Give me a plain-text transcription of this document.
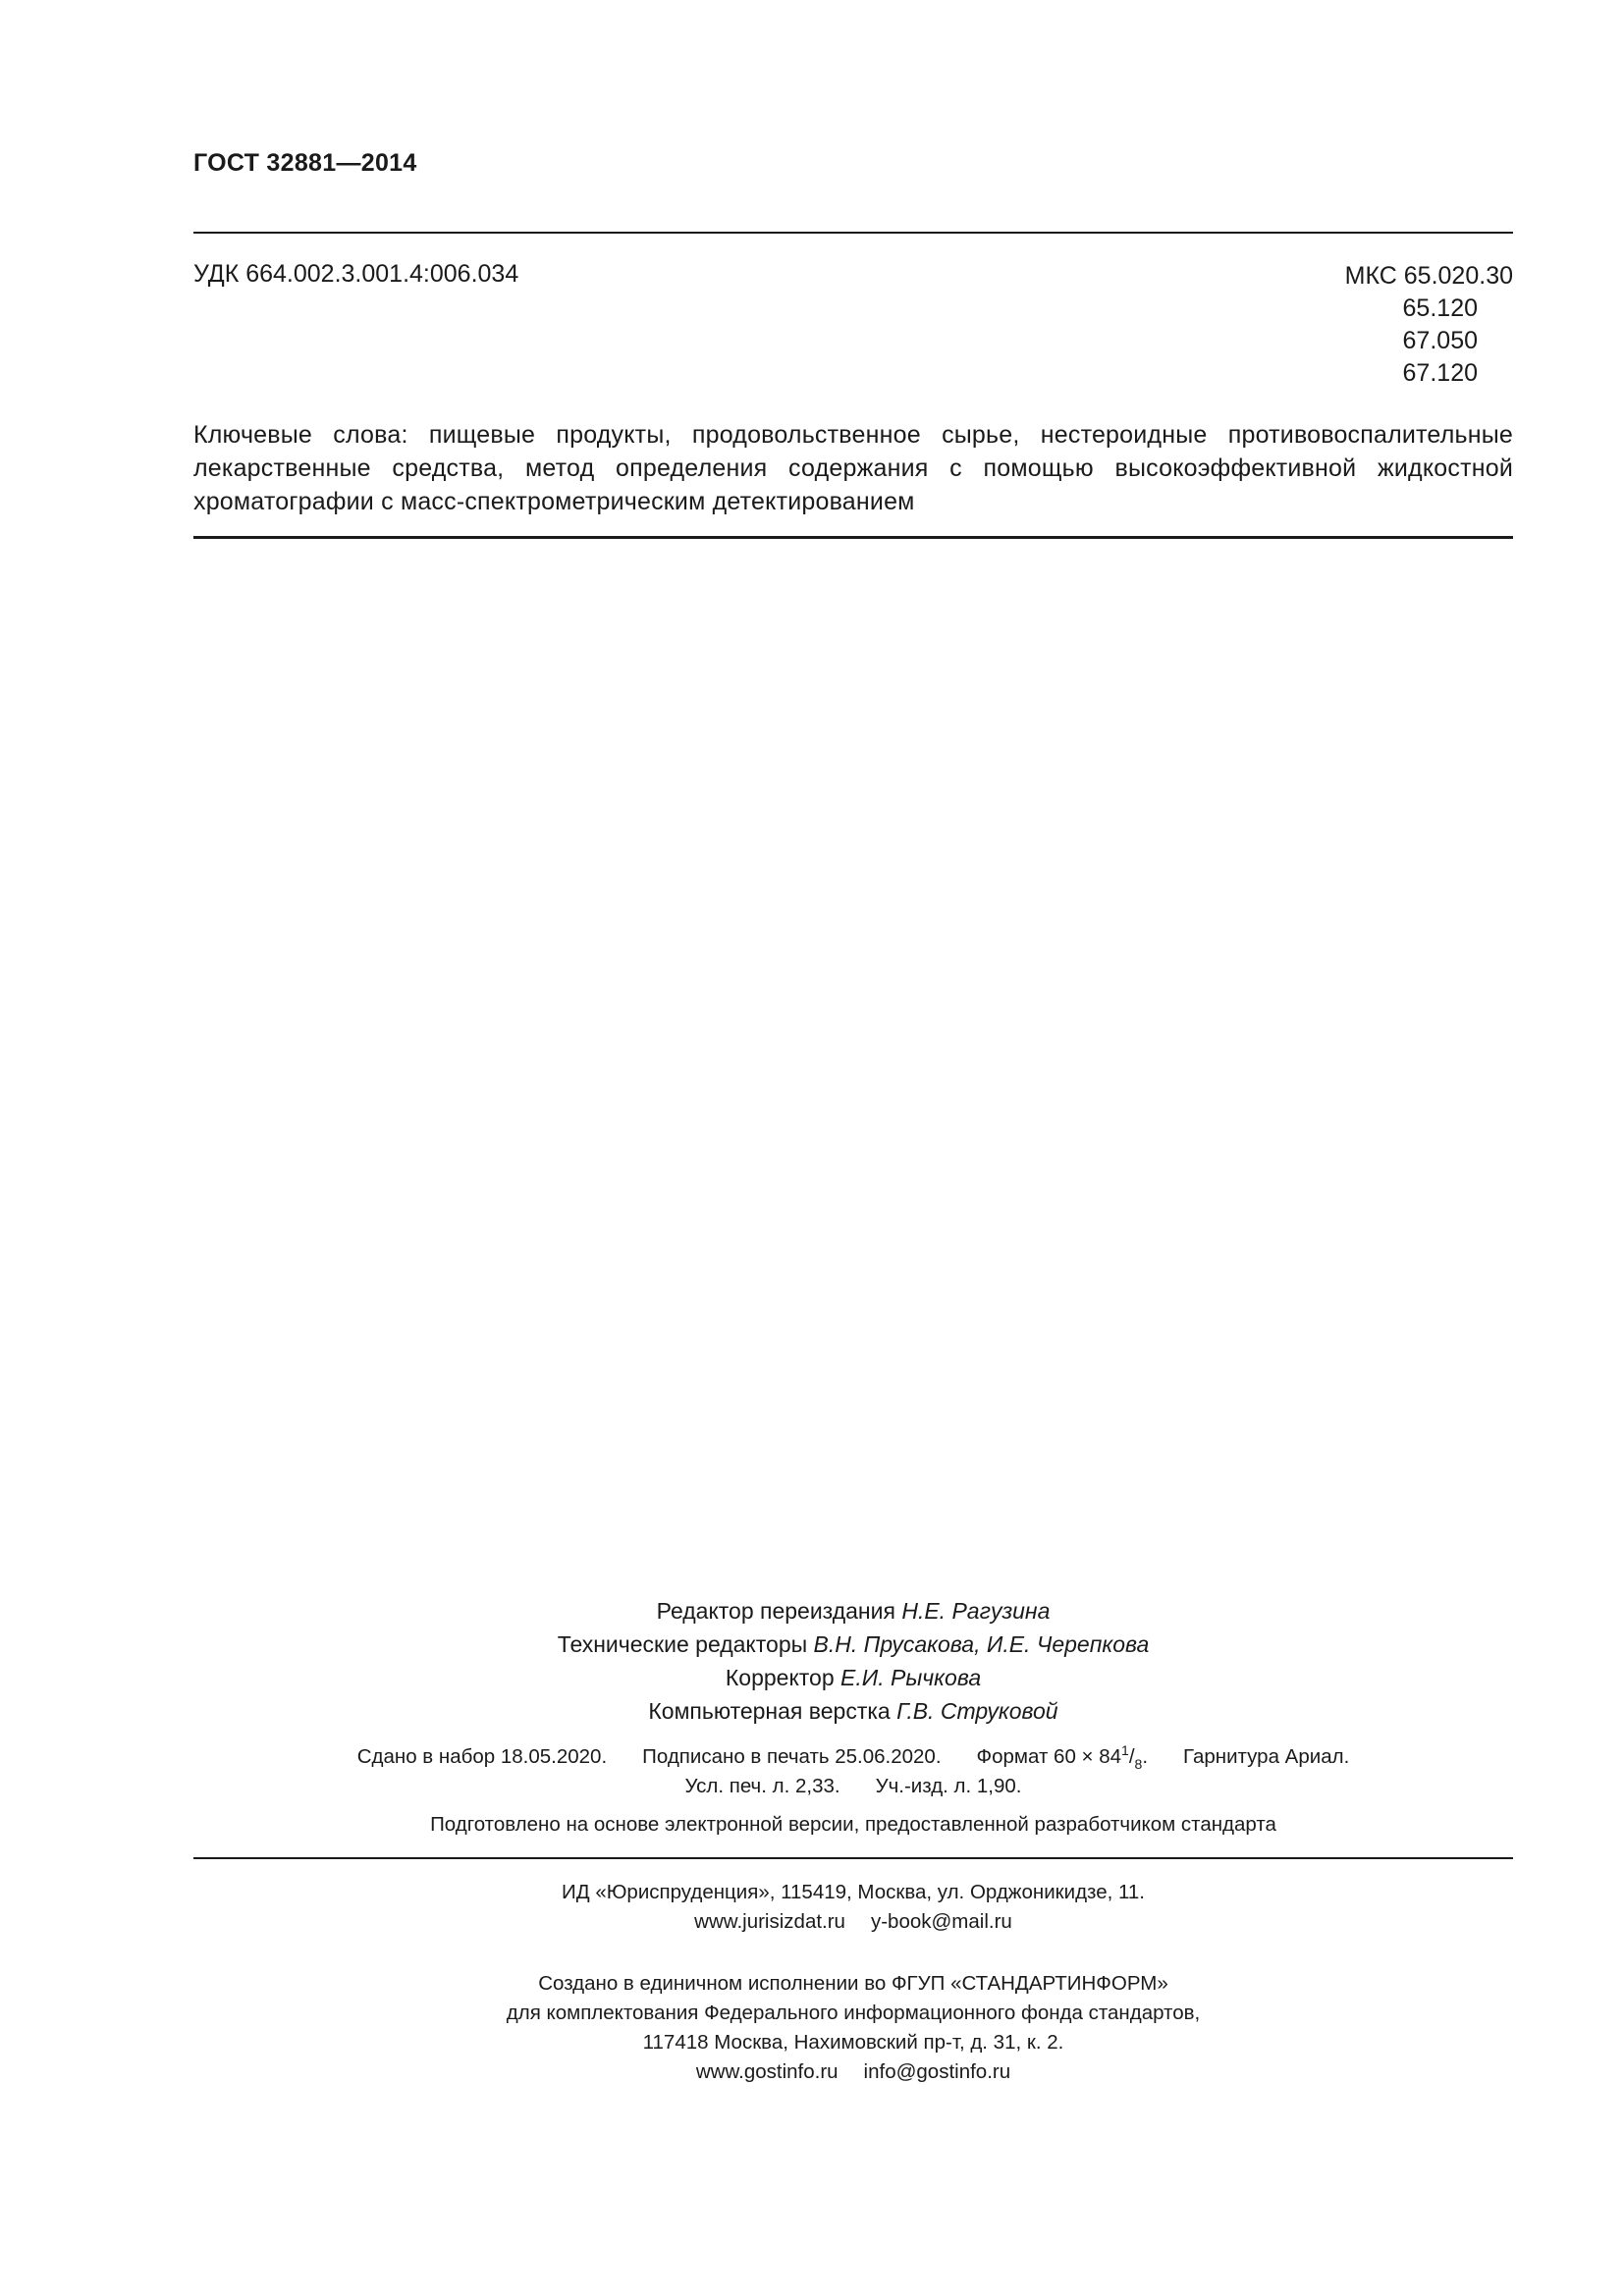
ГОСТ 32881—2014
УДК 664.002.3.001.4:006.034	МКС 65.020.30
65.120
67.050
67.120
Ключевые слова: пищевые продукты, продовольственное сырье, нестероидные противовоспалительные лекарственные средства, метод определения содержания с помощью высокоэффективной жидкостной хроматографии с масс-спектрометрическим детектированием
Редактор переиздания Н.Е. Рагузина
Технические редакторы В.Н. Прусакова, И.Е. Черепкова
Корректор Е.И. Рычкова
Компьютерная верстка Г.В. Струковой
Сдано в набор 18.05.2020. Подписано в печать 25.06.2020. Формат $60 \times 84^1/_8$. Гарнитура Ариал.
Усл. печ. л. 2,33. Уч.-изд. л. 1,90.
Подготовлено на основе электронной версии, предоставленной разработчиком стандарта
ИД «Юриспруденция», 115419, Москва, ул. Орджоникидзе, 11.
www.jurisizdat.ru y-book@mail.ru
Создано в единичном исполнении во ФГУП «СТАНДАРТИНФОРМ»
для комплектования Федерального информационного фонда стандартов,
117418 Москва, Нахимовский пр-т, д. 31, к. 2.
www.gostinfo.ru info@gostinfo.ru
